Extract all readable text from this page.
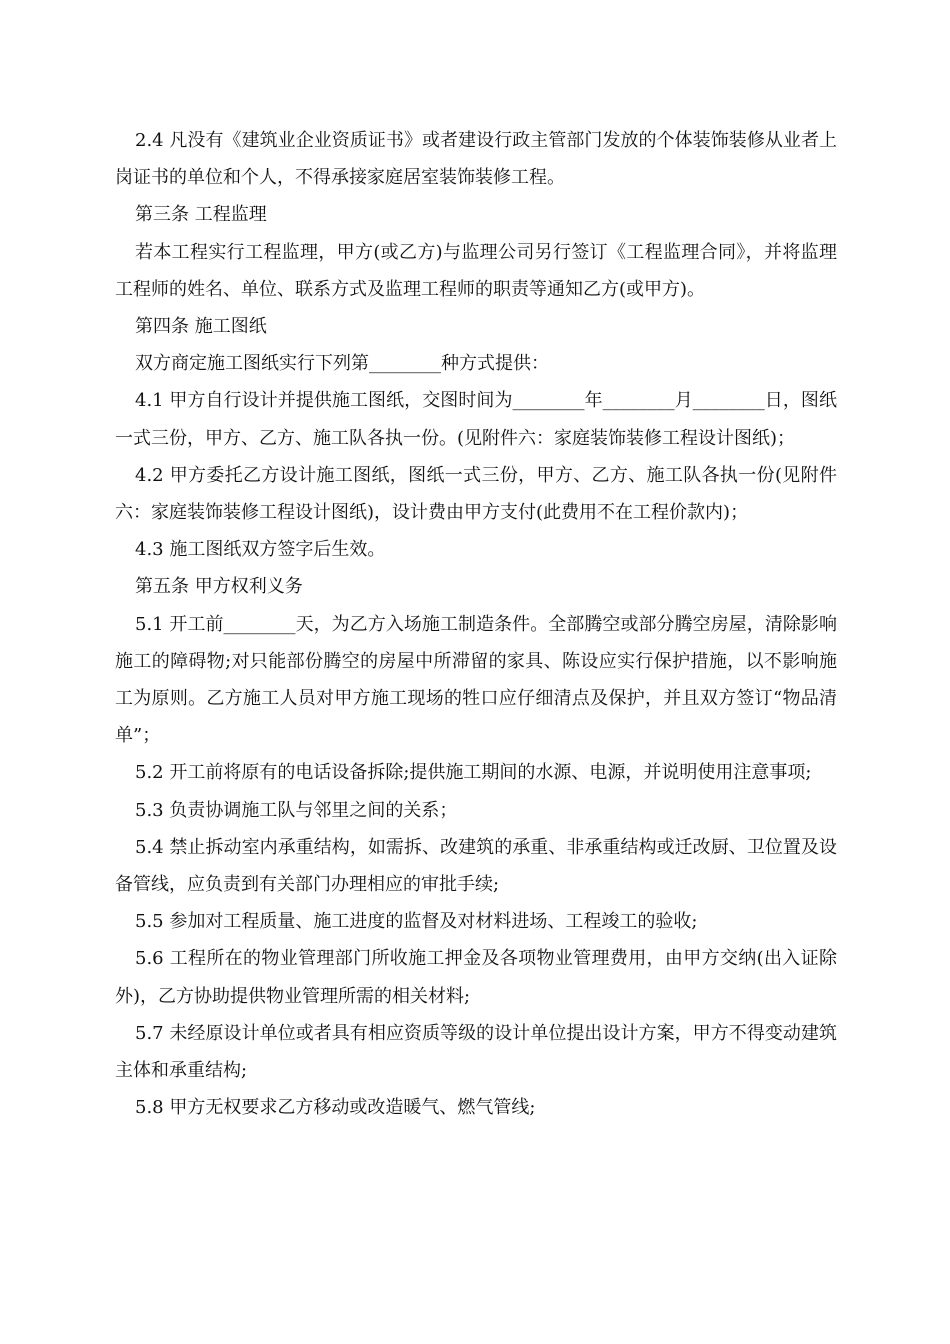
2.4 凡没有《建筑业企业资质证书》或者建设行政主管部门发放的个体装饰装修从业者上岗证书的单位和个人，不得承接家庭居室装饰装修工程。

第三条 工程监理

若本工程实行工程监理，甲方(或乙方)与监理公司另行签订《工程监理合同》，并将监理工程师的姓名、单位、联系方式及监理工程师的职责等通知乙方(或甲方)。

第四条 施工图纸

双方商定施工图纸实行下列第________种方式提供：

4.1 甲方自行设计并提供施工图纸，交图时间为________年________月________日，图纸一式三份，甲方、乙方、施工队各执一份。(见附件六：家庭装饰装修工程设计图纸)；

4.2 甲方委托乙方设计施工图纸，图纸一式三份，甲方、乙方、施工队各执一份(见附件六：家庭装饰装修工程设计图纸)，设计费由甲方支付(此费用不在工程价款内)；

4.3 施工图纸双方签字后生效。

第五条 甲方权利义务

5.1 开工前________天，为乙方入场施工制造条件。全部腾空或部分腾空房屋，清除影响施工的障碍物;对只能部份腾空的房屋中所滞留的家具、陈设应实行保护措施，以不影响施工为原则。乙方施工人员对甲方施工现场的牲口应仔细清点及保护，并且双方签订“物品清单”；

5.2 开工前将原有的电话设备拆除;提供施工期间的水源、电源，并说明使用注意事项;

5.3 负责协调施工队与邻里之间的关系；

5.4 禁止拆动室内承重结构，如需拆、改建筑的承重、非承重结构或迁改厨、卫位置及设备管线，应负责到有关部门办理相应的审批手续;

5.5 参加对工程质量、施工进度的监督及对材料进场、工程竣工的验收;

5.6 工程所在的物业管理部门所收施工押金及各项物业管理费用，由甲方交纳(出入证除外)，乙方协助提供物业管理所需的相关材料;

5.7 未经原设计单位或者具有相应资质等级的设计单位提出设计方案，甲方不得变动建筑主体和承重结构;

5.8 甲方无权要求乙方移动或改造暖气、燃气管线;
